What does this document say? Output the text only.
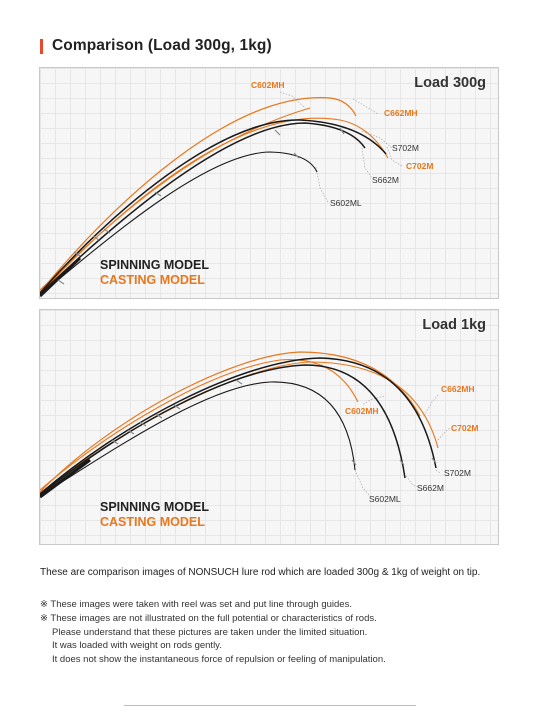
Comparison (Load 300g, 1kg)
C602MH
C662MH
S702M
C702M
S662M
S602ML
Load 300g
SPINNING MODEL
CASTING MODEL
C662MH
C602MH
C702M
S702M
S662M
S602ML
Load 1kg
SPINNING MODEL
CASTING MODEL
These are comparison images of NONSUCH lure rod which are loaded 300g & 1kg of weight on tip.
※ These images were taken with reel was set and put line through guides.
※ These images are not illustrated on the full potential or characteristics of rods.
Please understand that these pictures are taken under the limited situation.
It was loaded with weight on rods gently.
It does not show the instantaneous force of repulsion or feeling of manipulation.
